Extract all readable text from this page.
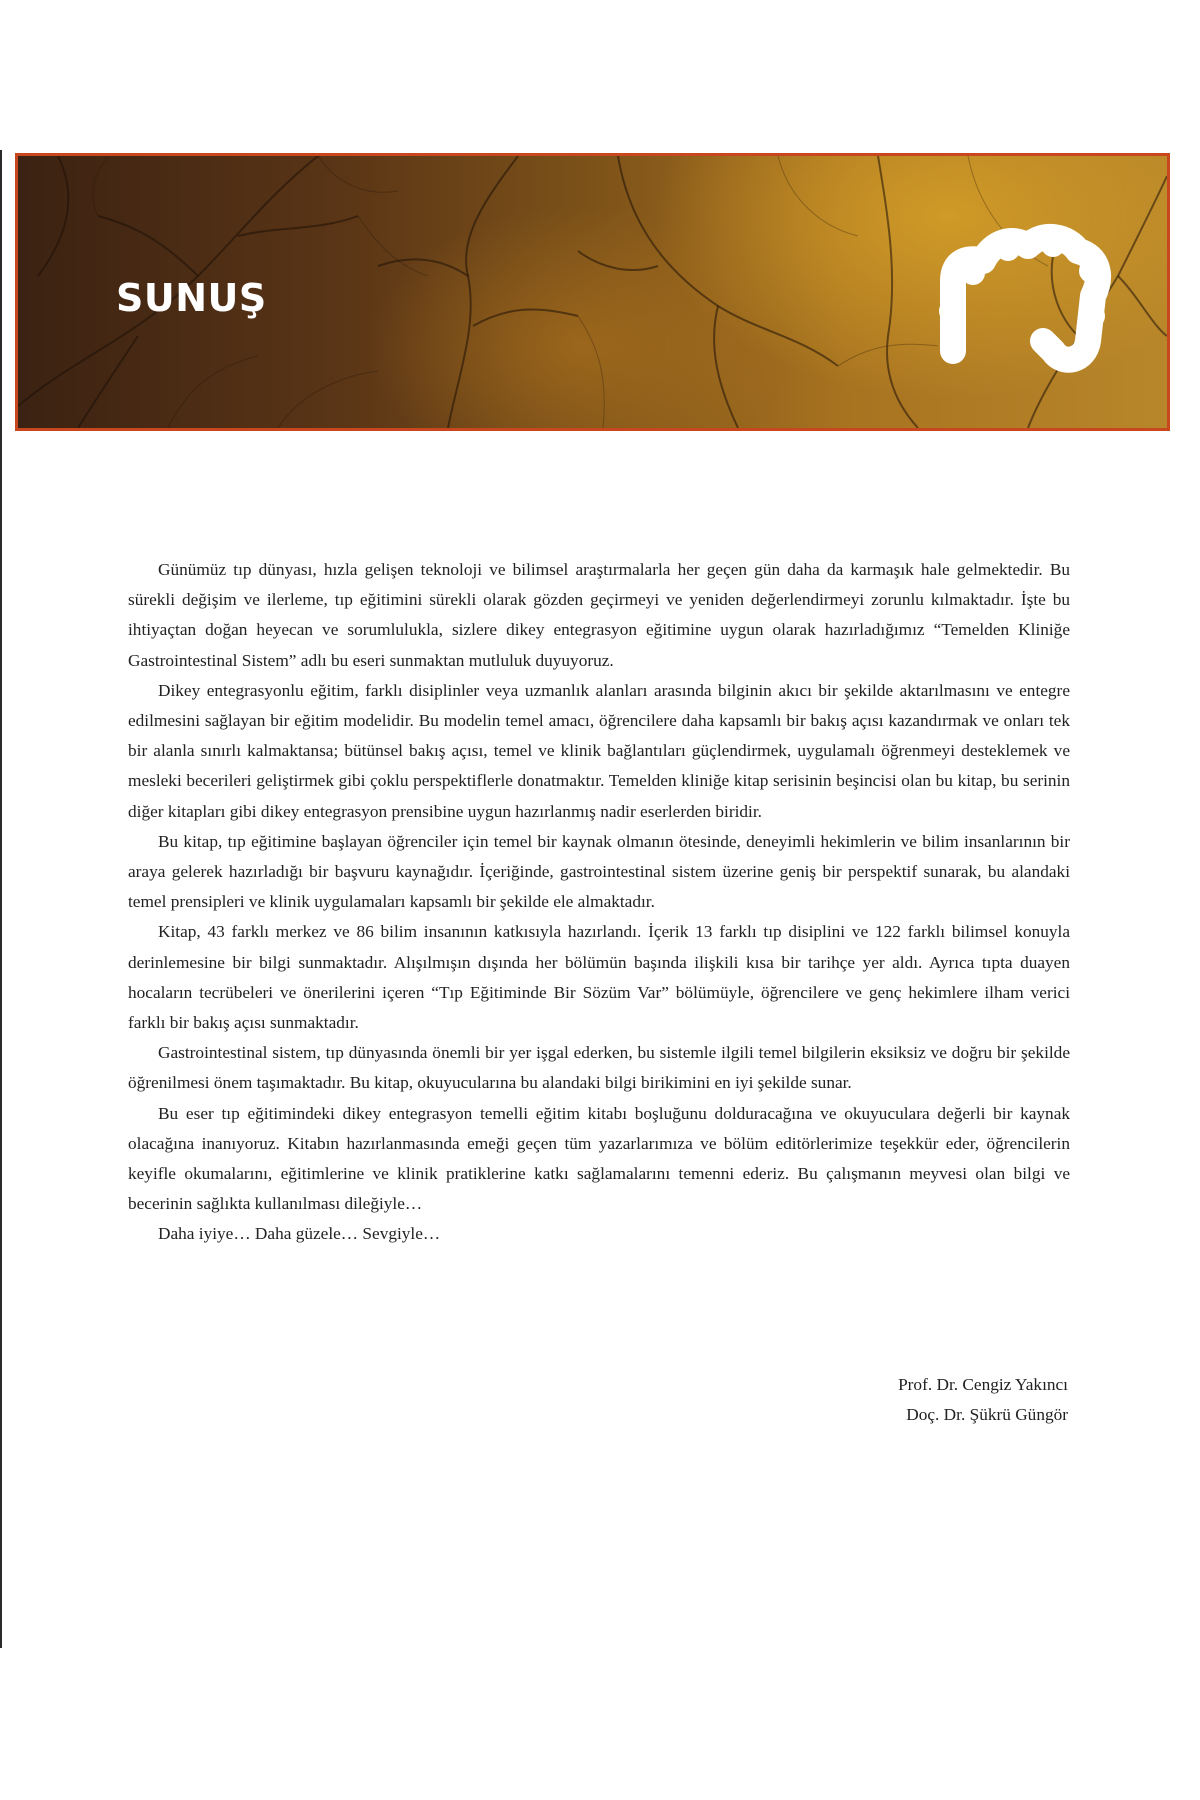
SUNUŞ

Günümüz tıp dünyası, hızla gelişen teknoloji ve bilimsel araştırmalarla her geçen gün daha da karmaşık hale gelmektedir. Bu sürekli değişim ve ilerleme, tıp eğitimini sürekli olarak gözden geçirmeyi ve yeniden değerlendirmeyi zorunlu kılmaktadır. İşte bu ihtiyaçtan doğan heyecan ve sorumlulukla, sizlere dikey entegrasyon eğitimine uygun olarak hazırladığımız “Temelden Kliniğe Gastrointestinal Sistem” adlı bu eseri sunmaktan mutluluk duyuyoruz.

Dikey entegrasyonlu eğitim, farklı disiplinler veya uzmanlık alanları arasında bilginin akıcı bir şekilde aktarılmasını ve entegre edilmesini sağlayan bir eğitim modelidir. Bu modelin temel amacı, öğrencilere daha kapsamlı bir bakış açısı kazandırmak ve onları tek bir alanla sınırlı kalmaktansa; bütünsel bakış açısı, temel ve klinik bağlantıları güçlendirmek, uygulamalı öğrenmeyi desteklemek ve mesleki becerileri geliştirmek gibi çoklu perspektiflerle donatmaktır. Temelden kliniğe kitap serisinin beşincisi olan bu kitap, bu serinin diğer kitapları gibi dikey entegrasyon prensibine uygun hazırlanmış nadir eserlerden biridir.

Bu kitap, tıp eğitimine başlayan öğrenciler için temel bir kaynak olmanın ötesinde, deneyimli hekimlerin ve bilim insanlarının bir araya gelerek hazırladığı bir başvuru kaynağıdır. İçeriğinde, gastrointestinal sistem üzerine geniş bir perspektif sunarak, bu alandaki temel prensipleri ve klinik uygulamaları kapsamlı bir şekilde ele almaktadır.

Kitap, 43 farklı merkez ve 86 bilim insanının katkısıyla hazırlandı. İçerik 13 farklı tıp disiplini ve 122 farklı bilimsel konuyla derinlemesine bir bilgi sunmaktadır. Alışılmışın dışında her bölümün başında ilişkili kısa bir tarihçe yer aldı. Ayrıca tıpta duayen hocaların tecrübeleri ve önerilerini içeren “Tıp Eğitiminde Bir Sözüm Var” bölümüyle, öğrencilere ve genç hekimlere ilham verici farklı bir bakış açısı sunmaktadır.

Gastrointestinal sistem, tıp dünyasında önemli bir yer işgal ederken, bu sistemle ilgili temel bilgilerin eksiksiz ve doğru bir şekilde öğrenilmesi önem taşımaktadır. Bu kitap, okuyucularına bu alandaki bilgi birikimini en iyi şekilde sunar.

Bu eser tıp eğitimindeki dikey entegrasyon temelli eğitim kitabı boşluğunu dolduracağına ve okuyuculara değerli bir kaynak olacağına inanıyoruz. Kitabın hazırlanmasında emeği geçen tüm yazarlarımıza ve bölüm editörlerimize teşekkür eder, öğrencilerin keyifle okumalarını, eğitimlerine ve klinik pratiklerine katkı sağlamalarını temenni ederiz. Bu çalışmanın meyvesi olan bilgi ve becerinin sağlıkta kullanılması dileğiyle…

Daha iyiye… Daha güzele… Sevgiyle…

Prof. Dr. Cengiz Yakıncı
Doç. Dr. Şükrü Güngör
